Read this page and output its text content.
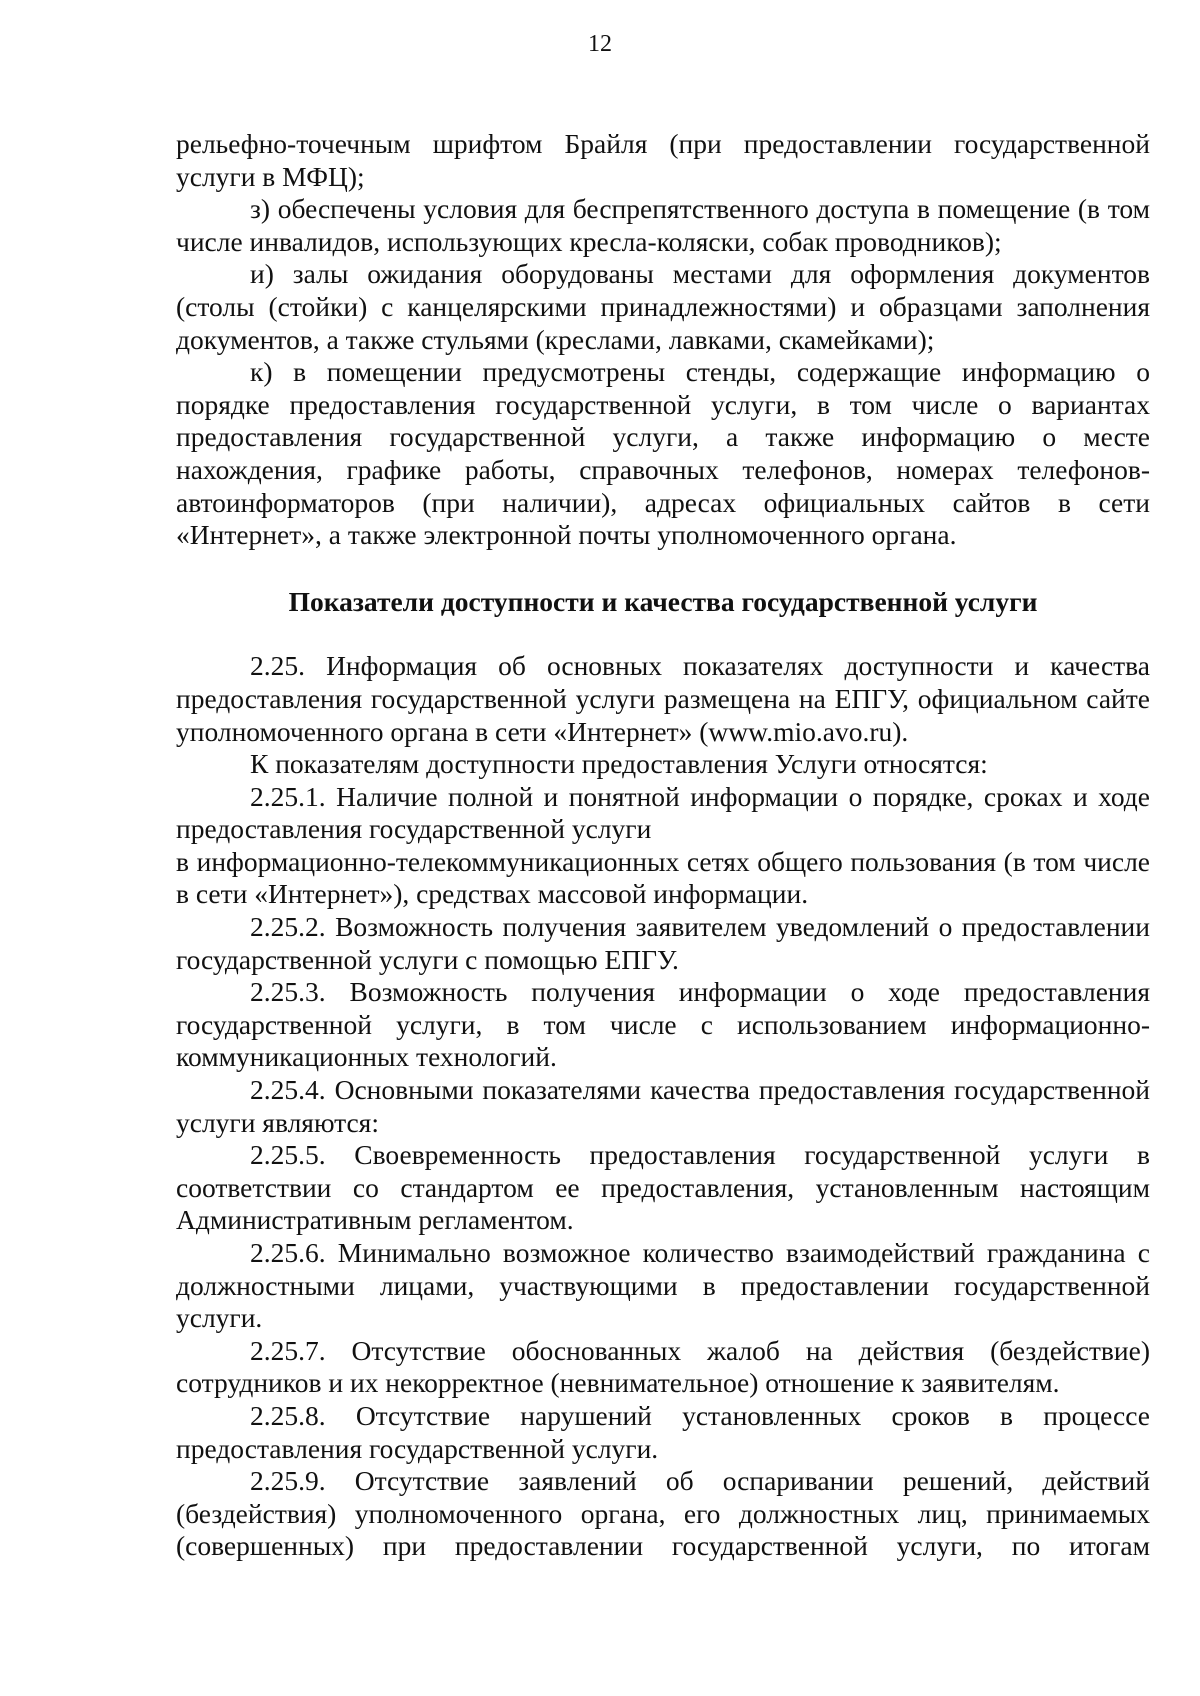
12

рельефно-точечным шрифтом Брайля (при предоставлении государственной услуги в МФЦ);

з) обеспечены условия для беспрепятственного доступа в помещение (в том числе инвалидов, использующих кресла-коляски, собак проводников);

и) залы ожидания оборудованы местами для оформления документов (столы (стойки) с канцелярскими принадлежностями) и образцами заполнения документов, а также стульями (креслами, лавками, скамейками);

к) в помещении предусмотрены стенды, содержащие информацию о порядке предоставления государственной услуги, в том числе о вариантах предоставления государственной услуги, а также информацию о месте нахождения, графике работы, справочных телефонов, номерах телефонов-автоинформаторов (при наличии), адресах официальных сайтов в сети «Интернет», а также электронной почты уполномоченного органа.

Показатели доступности и качества государственной услуги

2.25. Информация об основных показателях доступности и качества предоставления государственной услуги размещена на ЕПГУ, официальном сайте уполномоченного органа в сети «Интернет» (www.mio.avo.ru).

К показателям доступности предоставления Услуги относятся:

2.25.1. Наличие полной и понятной информации о порядке, сроках и ходе предоставления государственной услуги

в информационно-телекоммуникационных сетях общего пользования (в том числе в сети «Интернет»), средствах массовой информации.

2.25.2. Возможность получения заявителем уведомлений о предоставлении государственной услуги с помощью ЕПГУ.

2.25.3. Возможность получения информации о ходе предоставления государственной услуги, в том числе с использованием информационно-коммуникационных технологий.

2.25.4. Основными показателями качества предоставления государственной услуги являются:

2.25.5. Своевременность предоставления государственной услуги в соответствии со стандартом ее предоставления, установленным настоящим Административным регламентом.

2.25.6. Минимально возможное количество взаимодействий гражданина с должностными лицами, участвующими в предоставлении государственной услуги.

2.25.7. Отсутствие обоснованных жалоб на действия (бездействие) сотрудников и их некорректное (невнимательное) отношение к заявителям.

2.25.8. Отсутствие нарушений установленных сроков в процессе предоставления государственной услуги.

2.25.9. Отсутствие заявлений об оспаривании решений, действий (бездействия) уполномоченного органа, его должностных лиц, принимаемых (совершенных) при предоставлении государственной услуги, по итогам
